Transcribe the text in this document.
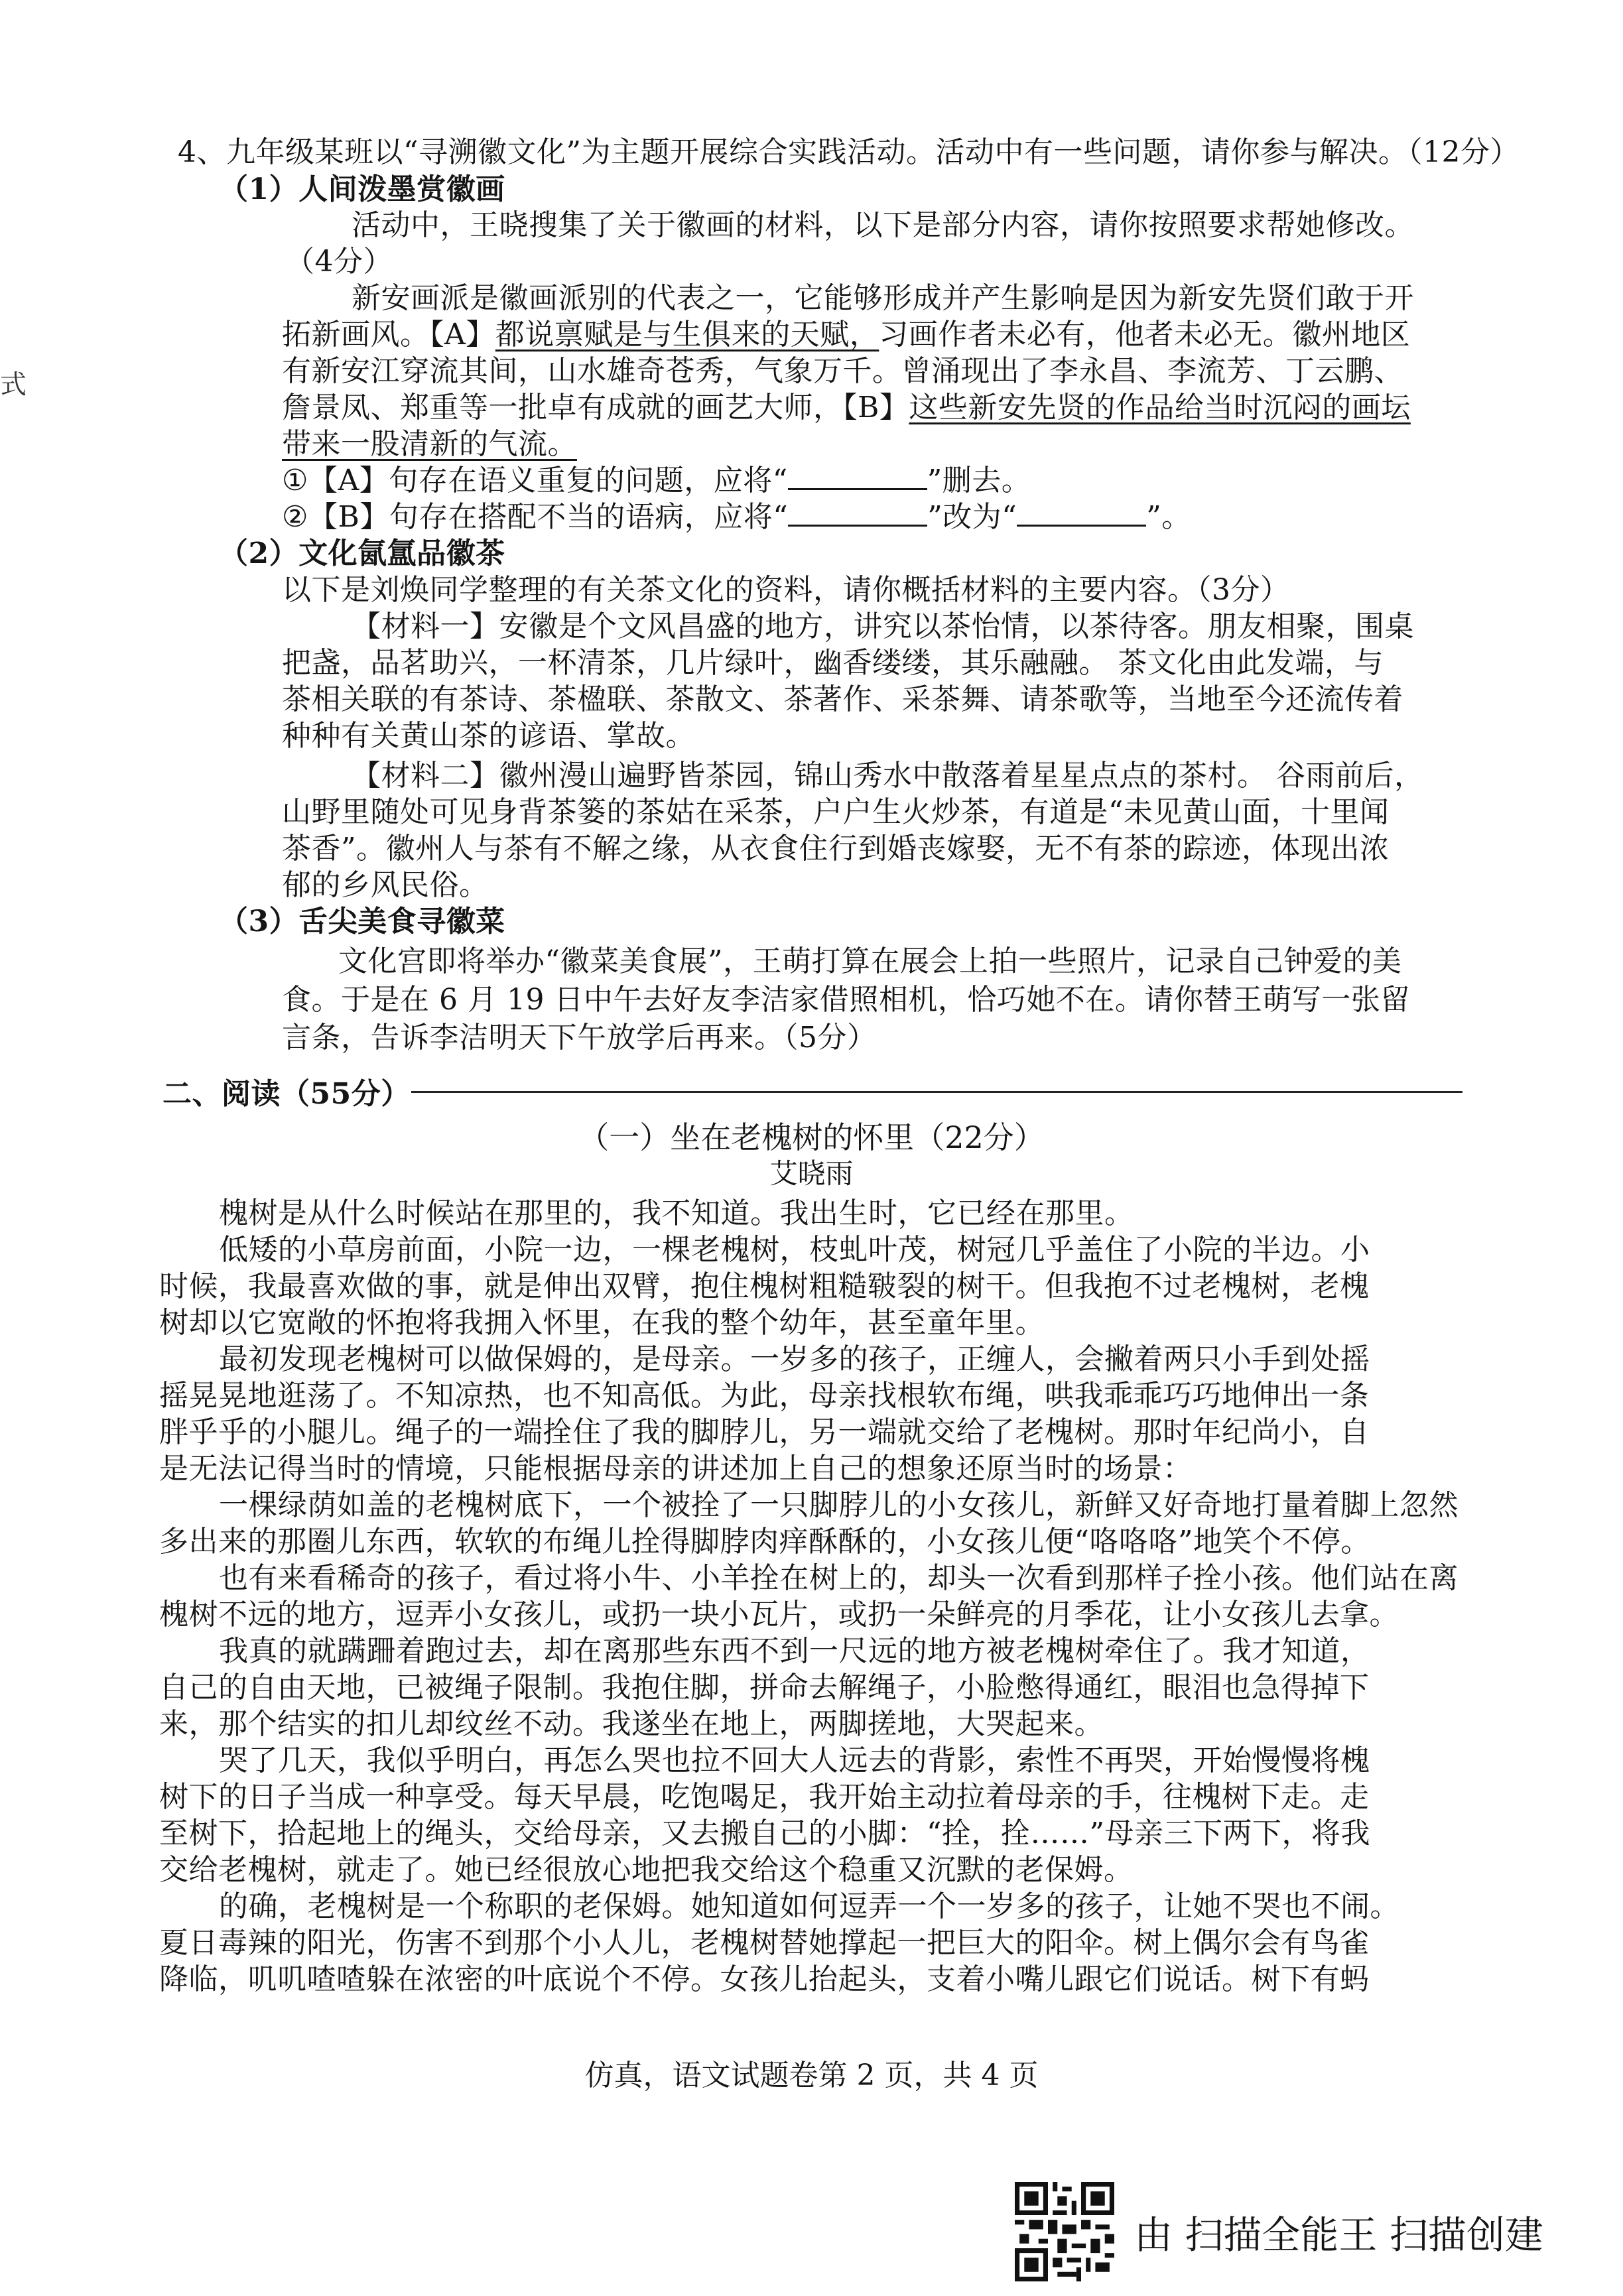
式
4、九年级某班以“寻溯徽文化”为主题开展综合实践活动。活动中有一些问题，请你参与解决。（12分）
（1）人间泼墨赏徽画
活动中，王晓搜集了关于徽画的材料，以下是部分内容，请你按照要求帮她修改。
（4分）
新安画派是徽画派别的代表之一，它能够形成并产生影响是因为新安先贤们敢于开
拓新画风。【A】都说禀赋是与生俱来的天赋，习画作者未必有，他者未必无。徽州地区
有新安江穿流其间，山水雄奇苍秀，气象万千。曾涌现出了李永昌、李流芳、丁云鹏、
詹景凤、郑重等一批卓有成就的画艺大师，【B】这些新安先贤的作品给当时沉闷的画坛
带来一股清新的气流。
①【A】句存在语义重复的问题，应将“	”删去。
②【B】句存在搭配不当的语病，应将“	”改为“	”。
（2）文化氤氲品徽茶
以下是刘焕同学整理的有关茶文化的资料，请你概括材料的主要内容。（3分）
【材料一】安徽是个文风昌盛的地方，讲究以茶怡情，以茶待客。朋友相聚，围桌
把盏，品茗助兴，一杯清茶，几片绿叶，幽香缕缕，其乐融融。 茶文化由此发端，与
茶相关联的有茶诗、茶楹联、茶散文、茶著作、采茶舞、请茶歌等，当地至今还流传着
种种有关黄山茶的谚语、掌故。
【材料二】徽州漫山遍野皆茶园，锦山秀水中散落着星星点点的茶村。 谷雨前后，
山野里随处可见身背茶篓的茶姑在采茶，户户生火炒茶，有道是“未见黄山面，十里闻
茶香”。徽州人与茶有不解之缘，从衣食住行到婚丧嫁娶，无不有茶的踪迹，体现出浓
郁的乡风民俗。
（3）舌尖美食寻徽菜
文化宫即将举办“徽菜美食展”，王萌打算在展会上拍一些照片，记录自己钟爱的美
食。于是在 6 月 19 日中午去好友李洁家借照相机，恰巧她不在。请你替王萌写一张留
言条，告诉李洁明天下午放学后再来。（5分）
二、阅读（55分）
（一）坐在老槐树的怀里（22分）
艾晓雨
槐树是从什么时候站在那里的，我不知道。我出生时，它已经在那里。
低矮的小草房前面，小院一边，一棵老槐树，枝虬叶茂，树冠几乎盖住了小院的半边。小
时候，我最喜欢做的事，就是伸出双臂，抱住槐树粗糙皲裂的树干。但我抱不过老槐树，老槐
树却以它宽敞的怀抱将我拥入怀里，在我的整个幼年，甚至童年里。
最初发现老槐树可以做保姆的，是母亲。一岁多的孩子，正缠人，会撇着两只小手到处摇
摇晃晃地逛荡了。不知凉热，也不知高低。为此，母亲找根软布绳，哄我乖乖巧巧地伸出一条
胖乎乎的小腿儿。绳子的一端拴住了我的脚脖儿，另一端就交给了老槐树。那时年纪尚小，自
是无法记得当时的情境，只能根据母亲的讲述加上自己的想象还原当时的场景：
一棵绿荫如盖的老槐树底下，一个被拴了一只脚脖儿的小女孩儿，新鲜又好奇地打量着脚上忽然
多出来的那圈儿东西，软软的布绳儿拴得脚脖肉痒酥酥的，小女孩儿便“咯咯咯”地笑个不停。
也有来看稀奇的孩子，看过将小牛、小羊拴在树上的，却头一次看到那样子拴小孩。他们站在离
槐树不远的地方，逗弄小女孩儿，或扔一块小瓦片，或扔一朵鲜亮的月季花，让小女孩儿去拿。
我真的就蹒跚着跑过去，却在离那些东西不到一尺远的地方被老槐树牵住了。我才知道，
自己的自由天地，已被绳子限制。我抱住脚，拼命去解绳子，小脸憋得通红，眼泪也急得掉下
来，那个结实的扣儿却纹丝不动。我遂坐在地上，两脚搓地，大哭起来。
哭了几天，我似乎明白，再怎么哭也拉不回大人远去的背影，索性不再哭，开始慢慢将槐
树下的日子当成一种享受。每天早晨，吃饱喝足，我开始主动拉着母亲的手，往槐树下走。走
至树下，拾起地上的绳头，交给母亲，又去搬自己的小脚：“拴，拴……”母亲三下两下，将我
交给老槐树，就走了。她已经很放心地把我交给这个稳重又沉默的老保姆。
的确，老槐树是一个称职的老保姆。她知道如何逗弄一个一岁多的孩子，让她不哭也不闹。
夏日毒辣的阳光，伤害不到那个小人儿，老槐树替她撑起一把巨大的阳伞。树上偶尔会有鸟雀
降临，叽叽喳喳躲在浓密的叶底说个不停。女孩儿抬起头，支着小嘴儿跟它们说话。树下有蚂
仿真，语文试题卷第 2 页，共 4 页
由 扫描全能王 扫描创建
